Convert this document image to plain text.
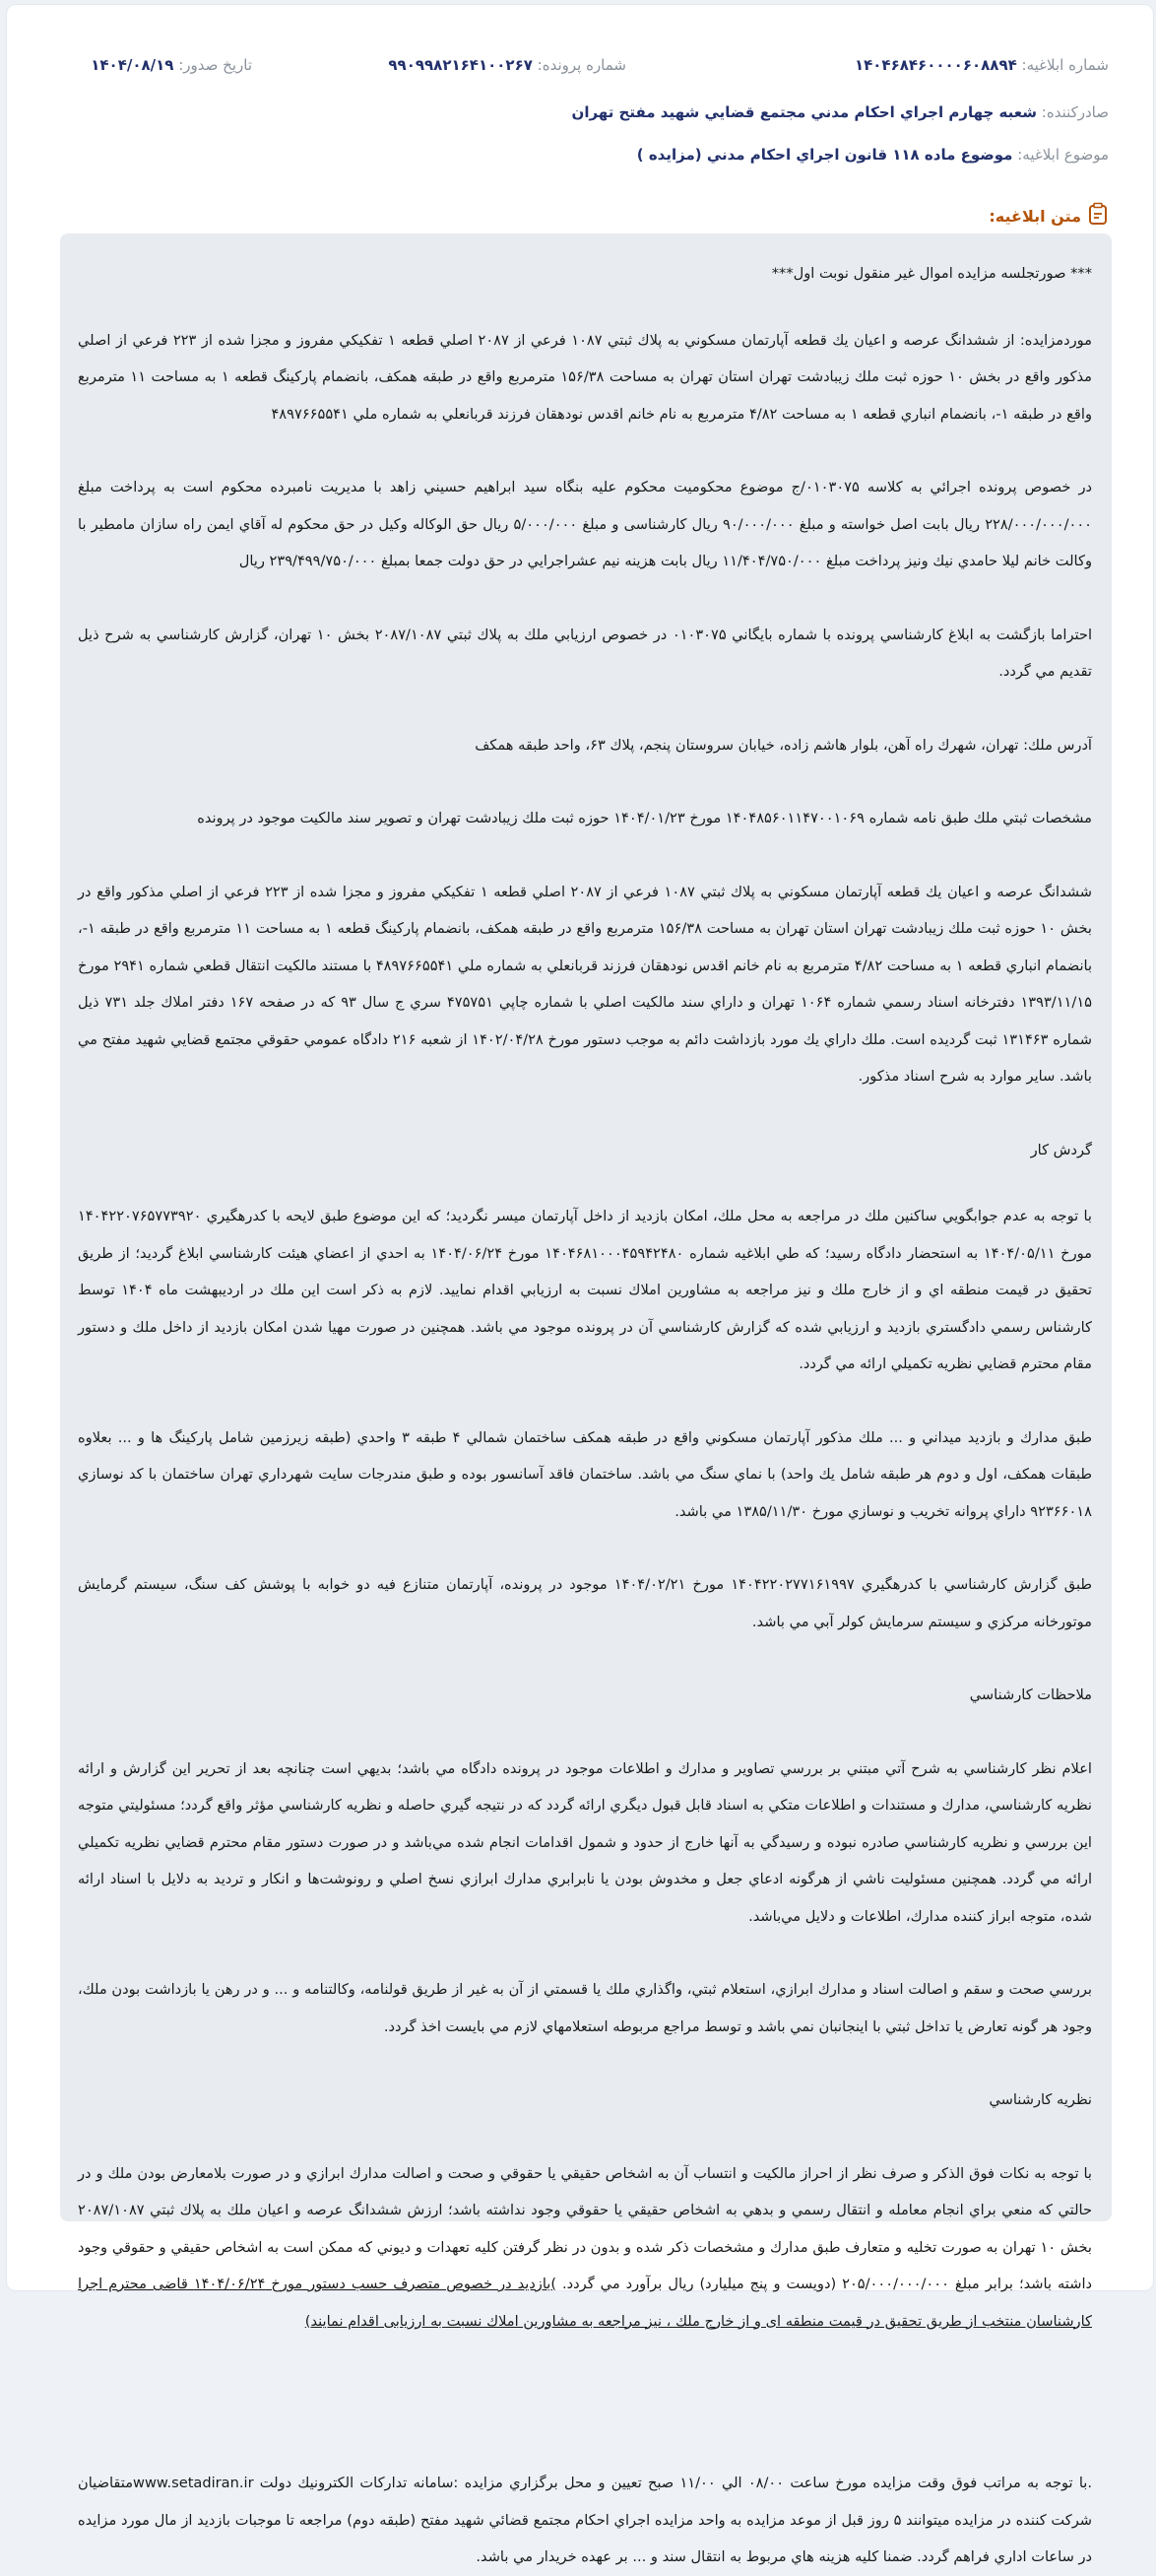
شماره ابلاغيه: ۱۴۰۴۶۸۴۶۰۰۰۰۶۰۸۸۹۴
شماره پرونده: ۹۹۰۹۹۸۲۱۶۴۱۰۰۲۶۷
تاريخ صدور: ۱۴۰۴/۰۸/۱۹
صادرکننده: شعبه چهارم اجراي احكام مدني مجتمع قضايي شهيد مفتح تهران
موضوع ابلاغيه: موضوع ماده ۱۱۸ قانون اجراي احكام مدني (مزايده )
متن ابلاغيه:

*** صورتجلسه مزايده اموال غير منقول نوبت اول***

موردمزايده: از ششدانگ عرصه و اعيان يك قطعه آپارتمان مسكوني به پلاك ثبتي ۱۰۸۷ فرعي از ۲۰۸۷ اصلي قطعه ۱ تفكيكي مفروز و مجزا شده از ۲۲۳ فرعي از اصلي مذكور واقع در بخش ۱۰ حوزه ثبت ملك زيبادشت تهران استان تهران به مساحت ۱۵۶/۳۸ مترمربع واقع در طبقه همكف، بانضمام پاركينگ قطعه ۱ به مساحت ۱۱ مترمربع واقع در طبقه ۱-، بانضمام انباري قطعه ۱ به مساحت ۴/۸۲ مترمربع به نام خانم اقدس نودهقان فرزند قربانعلي به شماره ملي ۴۸۹۷۶۶۵۵۴۱

در خصوص پرونده اجرائي به كلاسه ۰۱۰۳۰۷۵/ج موضوع محكوميت محكوم عليه بنگاه سيد ابراهيم حسيني زاهد با مديريت نامبرده محكوم است به پرداخت مبلغ ۲۲۸/۰۰۰/۰۰۰/۰۰۰ ريال بابت اصل خواسته و مبلغ ۹۰/۰۰۰/۰۰۰ ريال كارشناسی و مبلغ ۵/۰۰۰/۰۰۰ ريال حق الوكاله وكيل در حق محكوم له آقاي ايمن راه سازان مامطير با وكالت خانم ليلا حامدي نيك ونيز پرداخت مبلغ ۱۱/۴۰۴/۷۵۰/۰۰۰ ريال بابت هزينه نيم عشراجرايي در حق دولت جمعا بمبلغ ۲۳۹/۴۹۹/۷۵۰/۰۰۰ ريال

احتراما بازگشت به ابلاغ كارشناسي پرونده با شماره بايگاني ۰۱۰۳۰۷۵ در خصوص ارزيابي ملك به پلاك ثبتي ۲۰۸۷/۱۰۸۷ بخش ۱۰ تهران، گزارش كارشناسي به شرح ذيل تقديم مي گردد.

آدرس ملك: تهران، شهرك راه آهن، بلوار هاشم زاده، خيابان سروستان پنجم، پلاك ۶۳، واحد طبقه همكف

مشخصات ثبتي ملك طبق نامه شماره ۱۴۰۴۸۵۶۰۱۱۴۷۰۰۱۰۶۹ مورخ ۱۴۰۴/۰۱/۲۳ حوزه ثبت ملك زيبادشت تهران و تصوير سند مالكيت موجود در پرونده

ششدانگ عرصه و اعيان يك قطعه آپارتمان مسكوني به پلاك ثبتي ۱۰۸۷ فرعي از ۲۰۸۷ اصلي قطعه ۱ تفكيكي مفروز و مجزا شده از ۲۲۳ فرعي از اصلي مذكور واقع در بخش ۱۰ حوزه ثبت ملك زيبادشت تهران استان تهران به مساحت ۱۵۶/۳۸ مترمربع واقع در طبقه همكف، بانضمام پاركينگ قطعه ۱ به مساحت ۱۱ مترمربع واقع در طبقه ۱-، بانضمام انباري قطعه ۱ به مساحت ۴/۸۲ مترمربع به نام خانم اقدس نودهقان فرزند قربانعلي به شماره ملي ۴۸۹۷۶۶۵۵۴۱ با مستند مالكيت انتقال قطعي شماره ۲۹۴۱ مورخ ۱۳۹۳/۱۱/۱۵ دفترخانه اسناد رسمي شماره ۱۰۶۴ تهران و داراي سند مالكيت اصلي با شماره چاپي ۴۷۵۷۵۱ سري ج سال ۹۳ كه در صفحه ۱۶۷ دفتر املاك جلد ۷۳۱ ذيل شماره ۱۳۱۴۶۳ ثبت گرديده است. ملك داراي يك مورد بازداشت دائم به موجب دستور مورخ ۱۴۰۲/۰۴/۲۸ از شعبه ۲۱۶ دادگاه عمومي حقوقي مجتمع قضايي شهيد مفتح مي باشد. ساير موارد به شرح اسناد مذكور.

گردش كار

با توجه به عدم جوابگويي ساكنين ملك در مراجعه به محل ملك، امكان بازديد از داخل آپارتمان ميسر نگرديد؛ كه اين موضوع طبق لايحه با كدرهگيري ۱۴۰۴۲۲۰۷۶۵۷۷۳۹۲۰ مورخ ۱۴۰۴/۰۵/۱۱ به استحضار دادگاه رسيد؛ كه طي ابلاغيه شماره ۱۴۰۴۶۸۱۰۰۰۴۵۹۴۲۴۸۰ مورخ ۱۴۰۴/۰۶/۲۴ به احدي از اعضاي هيئت كارشناسي ابلاغ گرديد؛ از طريق تحقيق در قيمت منطقه اي و از خارج ملك و نيز مراجعه به مشاورين املاك نسبت به ارزيابي اقدام نماييد. لازم به ذكر است اين ملك در ارديبهشت ماه ۱۴۰۴ توسط كارشناس رسمي دادگستري بازديد و ارزيابي شده كه گزارش كارشناسي آن در پرونده موجود مي باشد. همچنين در صورت مهيا شدن امكان بازديد از داخل ملك و دستور مقام محترم قضايي نظريه تكميلي ارائه مي گردد.

طبق مدارك و بازديد ميداني و ... ملك مذكور آپارتمان مسكوني واقع در طبقه همكف ساختمان شمالي ۴ طبقه ۳ واحدي (طبقه زيرزمين شامل پاركينگ ها و ... بعلاوه طبقات همكف، اول و دوم هر طبقه شامل يك واحد) با نماي سنگ مي باشد. ساختمان فاقد آسانسور بوده و طبق مندرجات سايت شهرداري تهران ساختمان با كد نوسازي ۹۲۳۶۶۰۱۸ داراي پروانه تخريب و نوسازي مورخ ۱۳۸۵/۱۱/۳۰ مي باشد.

طبق گزارش كارشناسي با كدرهگيري ۱۴۰۴۲۲۰۲۷۷۱۶۱۹۹۷ مورخ ۱۴۰۴/۰۲/۲۱ موجود در پرونده، آپارتمان متنازع فيه دو خوابه با پوشش كف سنگ، سيستم گرمايش موتورخانه مركزي و سيستم سرمايش كولر آبي مي باشد.

ملاحظات كارشناسي

اعلام نظر كارشناسي به شرح آتي مبتني بر بررسي تصاوير و مدارك و اطلاعات موجود در پرونده دادگاه مي باشد؛ بديهي است چنانچه بعد از تحرير اين گزارش و ارائه نظريه كارشناسي، مدارك و مستندات و اطلاعات متكي به اسناد قابل قبول ديگري ارائه گردد كه در نتيجه گيري حاصله و نظريه كارشناسي مؤثر واقع گردد؛ مسئوليتي متوجه اين بررسي و نظريه كارشناسي صادره نبوده و رسيدگي به آنها خارج از حدود و شمول اقدامات انجام شده مي‌باشد و در صورت دستور مقام محترم قضايي نظريه تكميلي ارائه مي گردد. همچنين مسئوليت ناشي از هرگونه ادعاي جعل و مخدوش بودن يا نابرابري مدارك ابرازي نسخ اصلي و رونوشت‌ها و انكار و ترديد به دلايل با اسناد ارائه شده، متوجه ابراز كننده مدارك، اطلاعات و دلايل مي‌باشد.

بررسي صحت و سقم و اصالت اسناد و مدارك ابرازي، استعلام ثبتي، واگذاري ملك يا قسمتي از آن به غير از طريق قولنامه، وكالتنامه و ... و در رهن يا بازداشت بودن ملك، وجود هر گونه تعارض يا تداخل ثبتي با اينجانبان نمي باشد و توسط مراجع مربوطه استعلامهاي لازم مي بايست اخذ گردد.

نظريه كارشناسي

با توجه به نكات فوق الذكر و صرف نظر از احراز مالكيت و انتساب آن به اشخاص حقيقي يا حقوقي و صحت و اصالت مدارك ابرازي و در صورت بلامعارض بودن ملك و در حالتي كه منعي براي انجام معامله و انتقال رسمي و بدهي به اشخاص حقيقي يا حقوقي وجود نداشته باشد؛ ارزش ششدانگ عرصه و اعيان ملك به پلاك ثبتي ۲۰۸۷/۱۰۸۷ بخش ۱۰ تهران به صورت تخليه و متعارف طبق مدارك و مشخصات ذكر شده و بدون در نظر گرفتن كليه تعهدات و ديوني كه ممكن است به اشخاص حقيقي و حقوقي وجود داشته باشد؛ برابر مبلغ ۲۰۵/۰۰۰/۰۰۰/۰۰۰ (دويست و پنج ميليارد) ريال برآورد مي گردد. )بازديد در خصوص متصرف حسب دستور مورخ ۱۴۰۴/۰۶/۲۴ قاضی محترم اجرا كارشناسان منتخب از طريق تحقيق در قيمت منطقه ای و از خارج ملك ، نيز مراجعه به مشاورين املاك نسبت به ارزيابی اقدام نمايند)

.با توجه به مراتب فوق وقت مزايده مورخ ساعت ۰۸/۰۰ الي ۱۱/۰۰ صبح تعيين و محل برگزاري مزايده :سامانه تداركات الكترونيك دولت www.setadiran.irمتقاضيان شركت كننده در مزايده ميتوانند ۵ روز قبل از موعد مزايده به واحد مزايده اجراي احكام مجتمع قضائي شهيد مفتح (طبقه دوم) مراجعه تا موجبات بازديد از مال مورد مزايده در ساعات اداري فراهم گردد. ضمنا كليه هزينه هاي مربوط به انتقال سند و ... بر عهده خريدار مي باشد.
